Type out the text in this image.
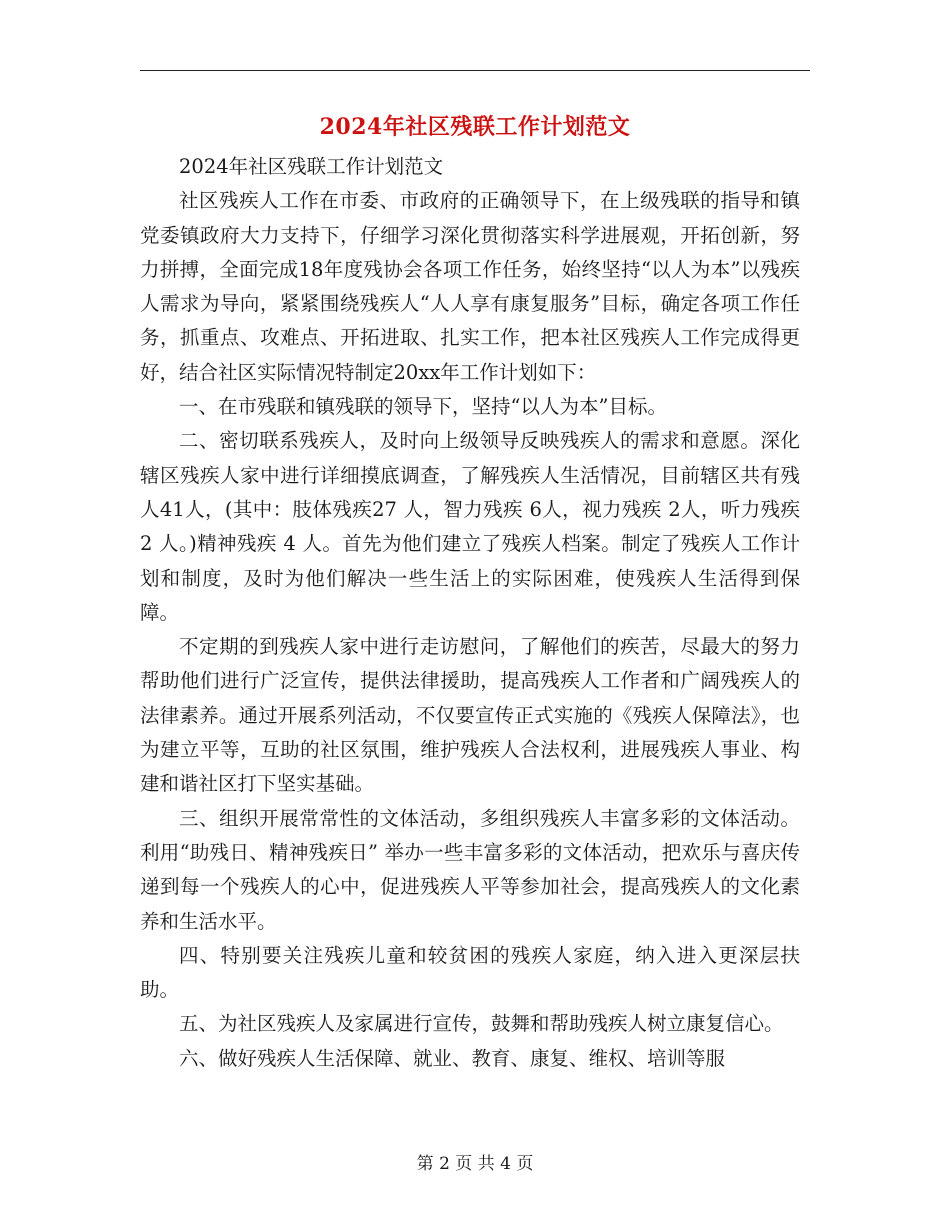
2024年社区残联工作计划范文

2024年社区残联工作计划范文

社区残疾人工作在市委、市政府的正确领导下，在上级残联的指导和镇党委镇政府大力支持下，仔细学习深化贯彻落实科学进展观，开拓创新，努力拼搏，全面完成18年度残协会各项工作任务，始终坚持“以人为本”以残疾人需求为导向，紧紧围绕残疾人“人人享有康复服务”目标，确定各项工作任务，抓重点、攻难点、开拓进取、扎实工作，把本社区残疾人工作完成得更好，结合社区实际情况特制定20xx年工作计划如下：

一、在市残联和镇残联的领导下，坚持“以人为本”目标。

二、密切联系残疾人，及时向上级领导反映残疾人的需求和意愿。深化辖区残疾人家中进行详细摸底调查，了解残疾人生活情况，目前辖区共有残人41人，(其中：肢体残疾27 人，智力残疾 6人，视力残疾 2人，听力残疾 2 人。)精神残疾 4 人。首先为他们建立了残疾人档案。制定了残疾人工作计划和制度，及时为他们解决一些生活上的实际困难，使残疾人生活得到保障。

不定期的到残疾人家中进行走访慰问，了解他们的疾苦，尽最大的努力帮助他们进行广泛宣传，提供法律援助，提高残疾人工作者和广阔残疾人的法律素养。通过开展系列活动，不仅要宣传正式实施的《残疾人保障法》，也为建立平等，互助的社区氛围，维护残疾人合法权利，进展残疾人事业、构建和谐社区打下坚实基础。

三、组织开展常常性的文体活动，多组织残疾人丰富多彩的文体活动。利用“助残日、精神残疾日” 举办一些丰富多彩的文体活动，把欢乐与喜庆传递到每一个残疾人的心中，促进残疾人平等参加社会，提高残疾人的文化素养和生活水平。

四、特别要关注残疾儿童和较贫困的残疾人家庭，纳入进入更深层扶助。

五、为社区残疾人及家属进行宣传，鼓舞和帮助残疾人树立康复信心。

六、做好残疾人生活保障、就业、教育、康复、维权、培训等服

第 2 页 共 4 页
